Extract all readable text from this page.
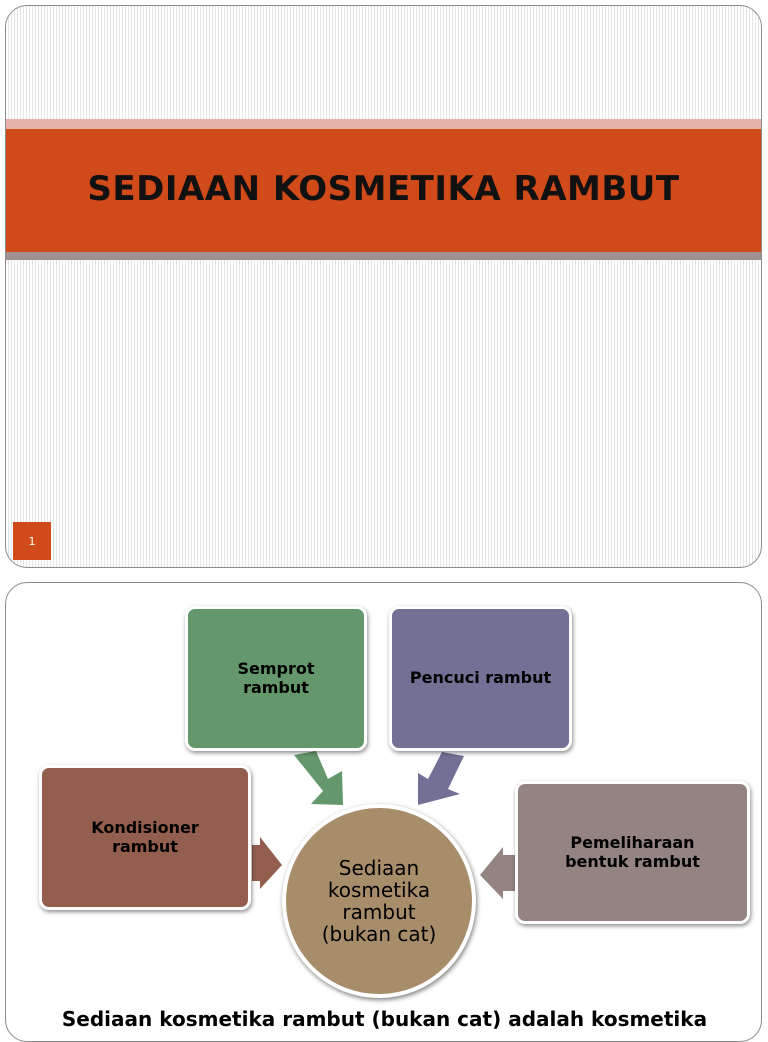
SEDIAAN KOSMETIKA RAMBUT
1
Semprot rambut	Pencuci rambut
Kondisioner rambut	Pemeliharaan bentuk rambut
Sediaan kosmetika rambut (bukan cat)
Sediaan kosmetika rambut (bukan cat) adalah kosmetika
